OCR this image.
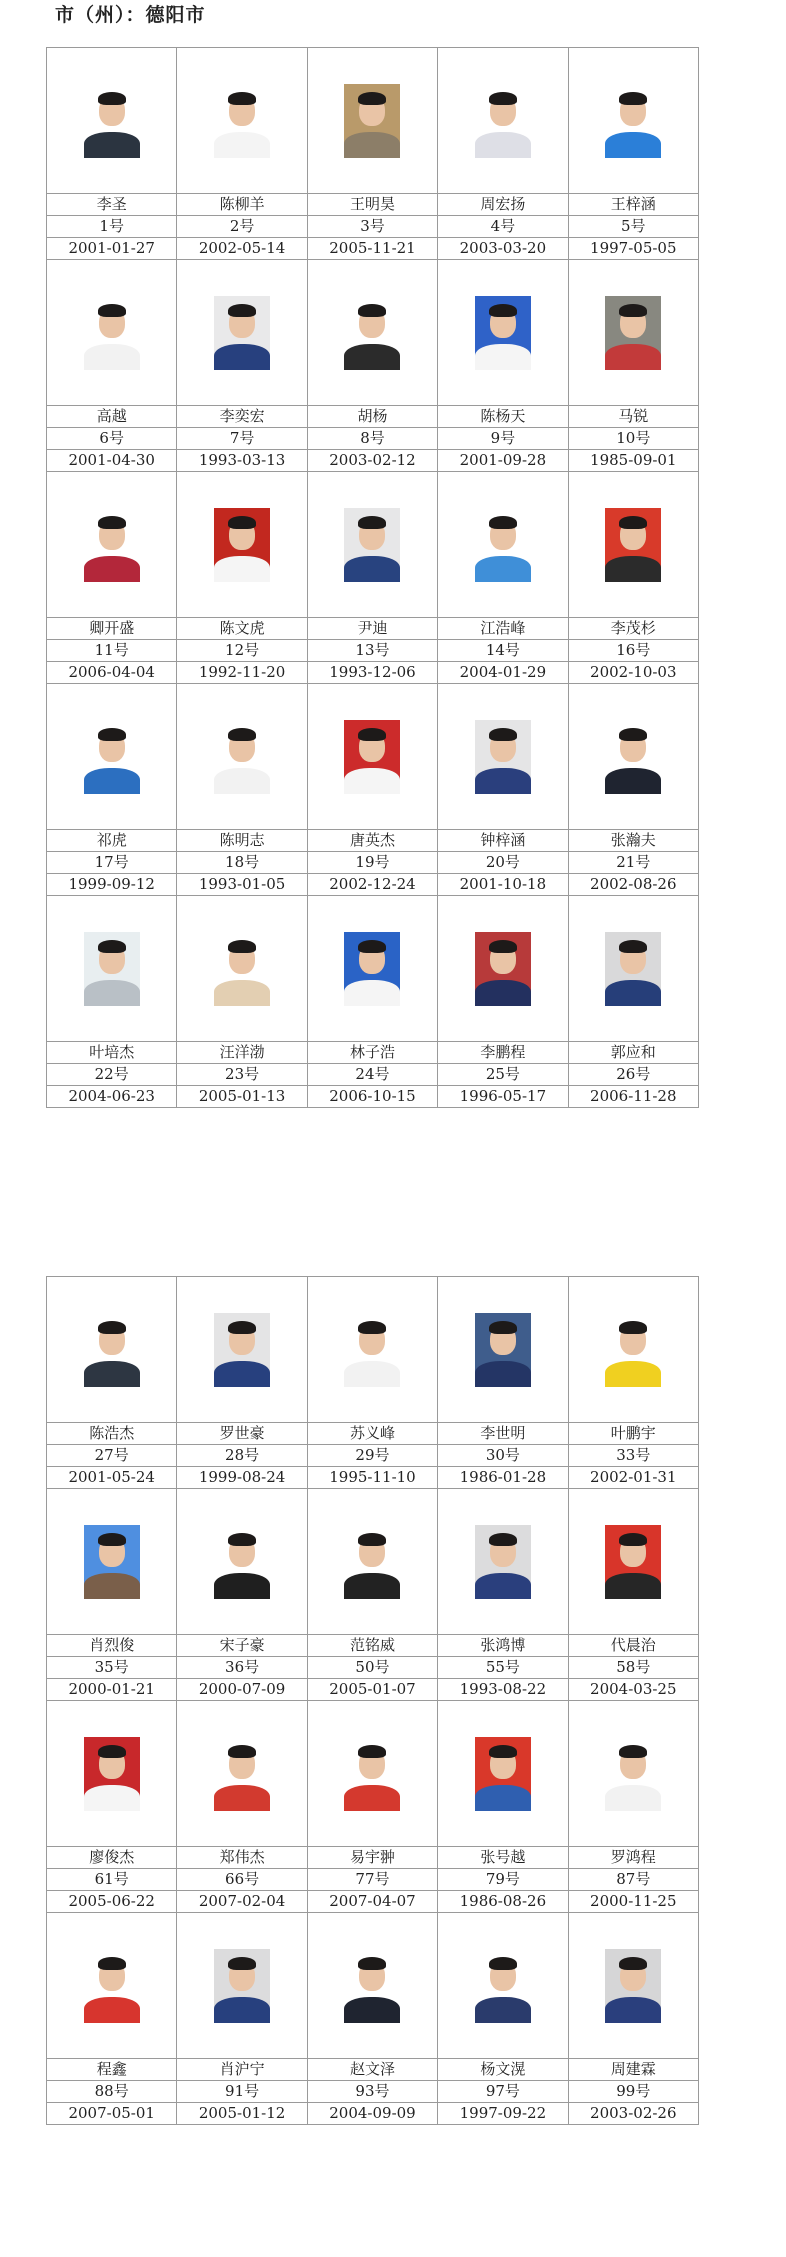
市（州）：德阳市

李圣	陈柳羊	王明昊	周宏扬	王梓涵
1号	2号	3号	4号	5号
2001-01-27	2002-05-14	2005-11-21	2003-03-20	1997-05-05

高越	李奕宏	胡杨	陈杨天	马锐
6号	7号	8号	9号	10号
2001-04-30	1993-03-13	2003-02-12	2001-09-28	1985-09-01

卿开盛	陈文虎	尹迪	江浩峰	李茂杉
11号	12号	13号	14号	16号
2006-04-04	1992-11-20	1993-12-06	2004-01-29	2002-10-03

祁虎	陈明志	唐英杰	钟梓涵	张瀚夫
17号	18号	19号	20号	21号
1999-09-12	1993-01-05	2002-12-24	2001-10-18	2002-08-26

叶培杰	汪洋渤	林子浩	李鹏程	郭应和
22号	23号	24号	25号	26号
2004-06-23	2005-01-13	2006-10-15	1996-05-17	2006-11-28

陈浩杰	罗世豪	苏义峰	李世明	叶鹏宇
27号	28号	29号	30号	33号
2001-05-24	1999-08-24	1995-11-10	1986-01-28	2002-01-31

肖烈俊	宋子豪	范铭威	张鸿博	代晨治
35号	36号	50号	55号	58号
2000-01-21	2000-07-09	2005-01-07	1993-08-22	2004-03-25

廖俊杰	郑伟杰	易宇翀	张号越	罗鸿程
61号	66号	77号	79号	87号
2005-06-22	2007-02-04	2007-04-07	1986-08-26	2000-11-25

程鑫	肖沪宁	赵文泽	杨文滉	周建霖
88号	91号	93号	97号	99号
2007-05-01	2005-01-12	2004-09-09	1997-09-22	2003-02-26
